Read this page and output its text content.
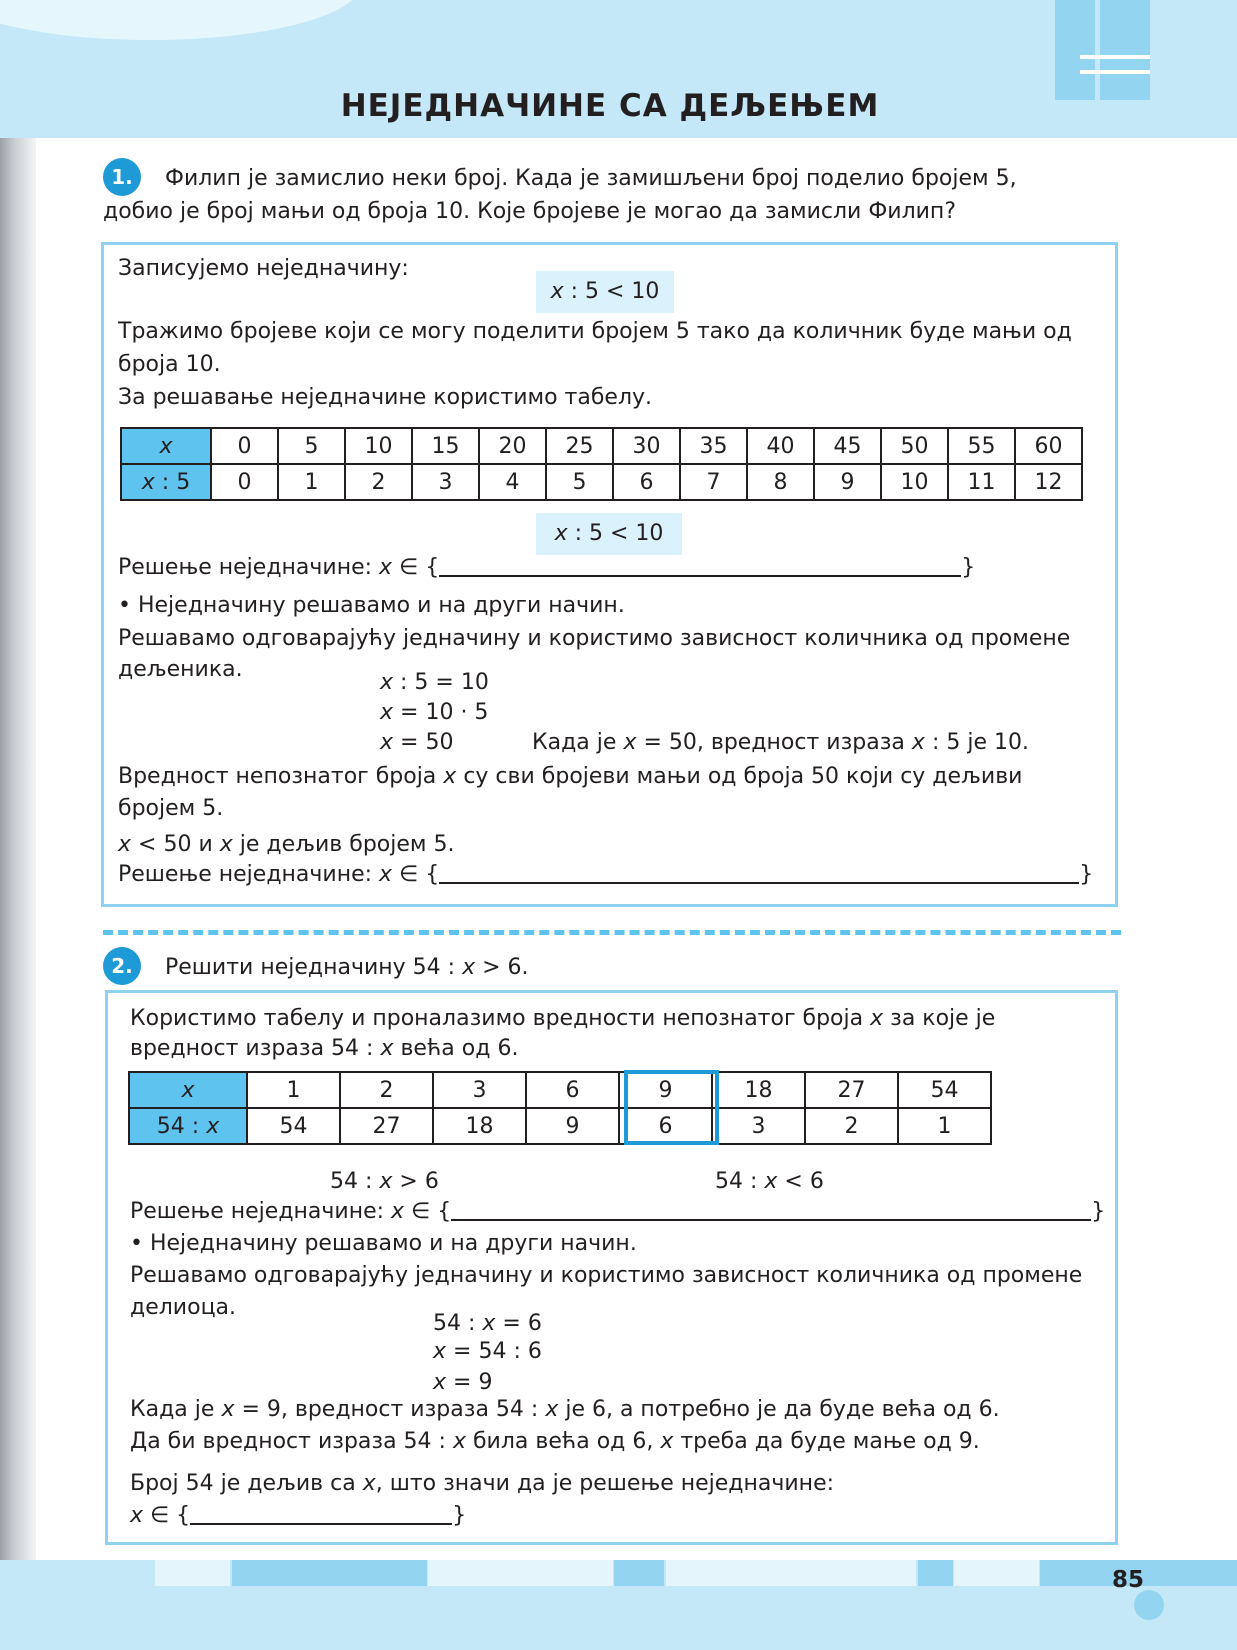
НЕЈЕДНАЧИНЕ СА ДЕЉЕЊЕМ
1.	Филип је замислио неки број. Када је замишљени број поделио бројем 5,

добио је број мањи од броја 10. Које бројеве је могао да замисли Филип?

Записујемо неједначину:

x : 5 < 10

Тражимо бројеве који се могу поделити бројем 5 тако да количник буде мањи од

броја 10.

За решавање неједначине користимо табелу.

x	0	5	10	15	20	25	30	35	40	45	50	55	60
x : 5	0	1	2	3	4	5	6	7	8	9	10	11	12
x : 5 < 10

Решење неједначине: x ∈ {	}

• Неједначину решавамо и на други начин.

Решавамо одговарајућу једначину и користимо зависност количника од промене

дељеника.

x : 5 = 10

x = 10 · 5

x = 50	Када је x = 50, вредност израза x : 5 је 10.

Вредност непознатог броја x су сви бројеви мањи од броја 50 који су дељиви

бројем 5.

x < 50 и x је дељив бројем 5.

Решење неједначине: x ∈ {	}

2.	Решити неједначину 54 : x > 6.

Користимо табелу и проналазимо вредности непознатог броја x за које је

вредност израза 54 : x већа од 6.

x	1	2	3	6	9	18	27	54
54 : x	54	27	18	9	6	3	2	1

54 : x > 6	54 : x < 6

Решење неједначине: x ∈ {	}

• Неједначину решавамо и на други начин.

Решавамо одговарајућу једначину и користимо зависност количника од промене

делиоца.

54 : x = 6

x = 54 : 6

x = 9

Када је x = 9, вредност израза 54 : x је 6, а потребно је да буде већа од 6.

Да би вредност израза 54 : x била већа од 6, x треба да буде мање од 9.

Број 54 је дељив са x, што значи да је решење неједначине:

x ∈ {	}

85
